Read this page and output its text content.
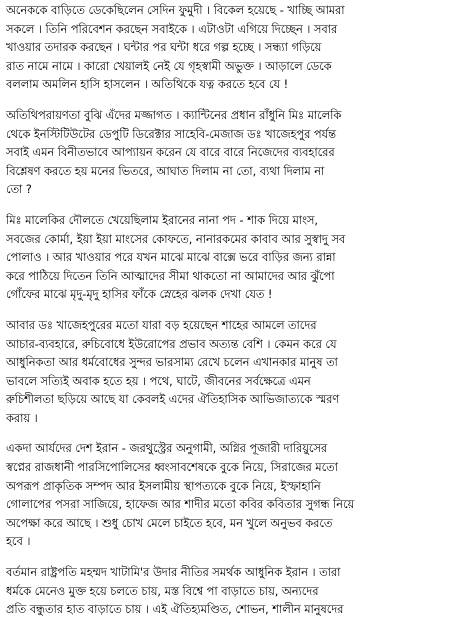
অনেককে বাড়িতে ডেকেছিলেন সেদিন ফুমুদী । বিকেল হয়েছে - খাচ্ছি আমরা
সকলে । তিনি পরিবেশন করছেন সবাইকে । এটাওটা এগিয়ে দিচ্ছেন । সবার
খাওয়ার তদারক করছেন । ঘন্টার পর ঘন্টা ধরে গল্প হচ্ছে । সন্ধ্যা গড়িয়ে
রাত নামে নামে । কারো খেয়ালই নেই যে গৃহস্বামী অভুক্ত । আড়ালে ডেকে
বললাম অমলিন হাসি হাসলেন । অতিথিকে যত্ন করতে হবে যে !
অতিথিপরায়ণতা বুঝি এঁদের মজ্জাগত । ক্যান্টিনের প্রধান রাঁধুনি মিঃ মালেকি
থেকে ইনস্টিটিউটের ডেপুটি ডিরেক্টার সাহেবি-মেজাজ ডঃ খাজেহপুর পর্যন্ত
সবাই এমন বিনীতভাবে আপ্যায়ন করেন যে বারে বারে নিজেদের ব্যবহারের
বিশ্লেষণ করতে হয় মনের ভিতরে, আঘাত দিলাম না তো, ব্যথা দিলাম না
তো ?
মিঃ মালেকির দৌলতে খেয়েছিলাম ইরানের নানা পদ - শাক দিয়ে মাংস,
সবজের কোর্মা, ইয়া ইয়া মাংসের কোফতে, নানারকমের কাবাব আর সুস্বাদু সব
পোলাও । আর খাওয়ার পরে যখন মাঝে মাঝে বাক্সে ভরে বাড়ির জন্য রান্না
করে পাঠিয়ে দিতেন তিনি আত্মাদের সীমা থাকতো না আমাদের আর ঝুঁপো
গোঁফের মাঝে মৃদু-মৃদু হাসির ফাঁকে স্নেহের ঝলক দেখা যেত !
আবার ডঃ খাজেহপুরের মতো যারা বড় হয়েছেন শাহের আমলে তাদের
আচার-ব্যবহারে, রুচিবোধে ইউরোপের প্রভাব অত্যন্ত বেশি । কেমন করে যে
আধুনিকতা আর ধর্মবোধের সুন্দর ভারসাম্য রেখে চলেন এখানকার মানুষ তা
ভাবলে সত্যিই অবাক হতে হয় । পথে, ঘাটে, জীবনের সর্বক্ষেত্রে এমন
রুচিশীলতা ছড়িয়ে আছে যা কেবলই এদের ঐতিহাসিক আভিজাত্যকে স্মরণ
করায় ।
একদা আর্যদের দেশ ইরান - জরথুস্ট্রের অনুগামী, অগ্নির পূজারী দারিয়ুসের
স্বপ্নের রাজধানী পারসিপোলিসের ধ্বংসাবশেষকে বুকে নিয়ে, সিরাজের মতো
অপরূপ প্রাকৃতিক সম্পদ আর ইসলামীয় স্থাপত্যকে বুকে নিয়ে, ইস্ফাহানি
গোলাপের পসরা সাজিয়ে, হাফেজ আর শাদীর মতো কবির কবিতার সুগন্ধ নিয়ে
অপেক্ষা করে আছে । শুধু চোখ মেলে চাইতে হবে, মন খুলে অনুভব করতে
হবে ।
বর্তমান রাষ্ট্রপতি মহম্মদ খাটামি'র উদার নীতির সমর্থক আধুনিক ইরান । তারা
ধর্মকে মেনেও মুক্ত হয়ে চলতে চায়, মস্ত বিশ্বে পা বাড়াতে চায়, অন্যদের
প্রতি বন্ধুতার হাত বাড়াতে চায় । এই ঐতিহ্যমণ্ডিত, শোভন, শালীন মানুষদের
